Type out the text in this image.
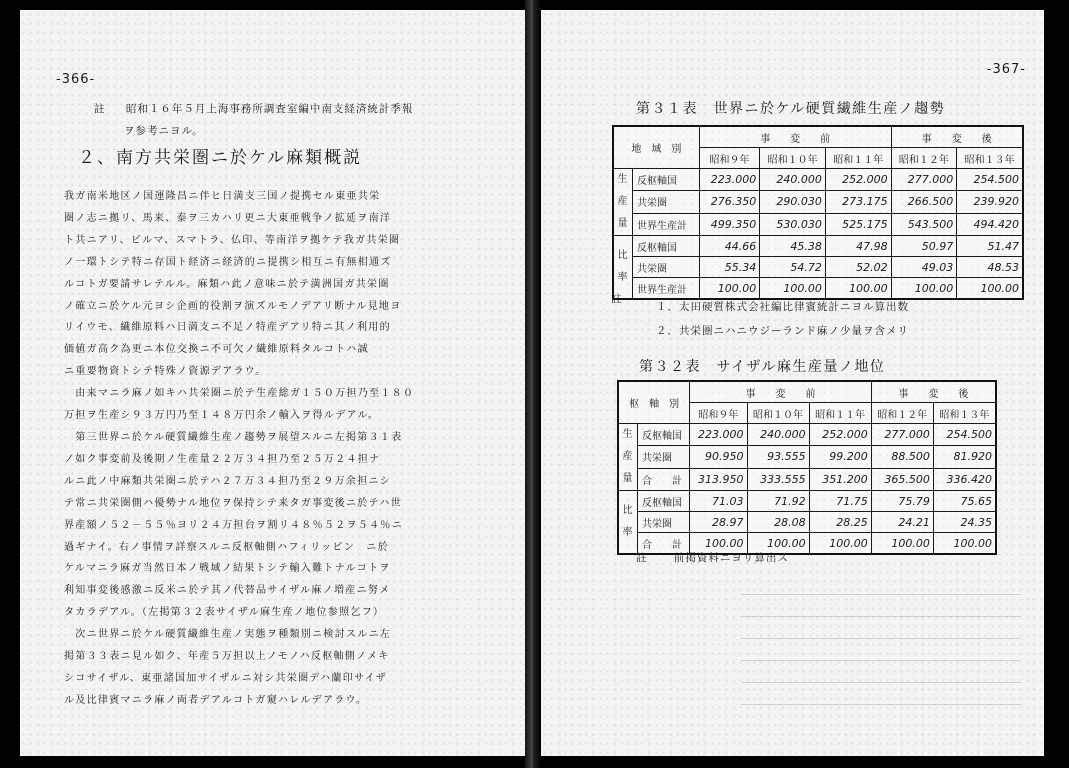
-366-
註 昭和１６年５月上海事務所調査室編中南支経済統計季報
ヲ参考ニヨル。
２、南方共栄圏ニ於ケル麻類概説
我ガ南米地区ノ国運隆昌ニ伴ヒ日満支三国ノ提携セル東亜共栄
圏ノ志ニ拠リ、馬来、泰ヲ三カハリ更ニ大東亜戦争ノ拡延ヲ南洋
ト共ニアリ、ビルマ、スマトラ、仏印、等南洋ヲ拠ケテ我ガ共栄圏
ノ一環トシテ特ニ存国ト経済ニ経済的ニ提携シ相互ニ有無相通ズ
ルコトガ要請サレテルル。麻類ハ此ノ意味ニ於テ満洲国ガ共栄圏
ノ確立ニ於ケル元ヨシ企画的役割ヲ演ズルモノデアリ断ナル見地ヨ
リイウモ、繊維原料ハ日満支ニ不足ノ特産デアリ特ニ其ノ利用的
価値ガ高ク為更ニ本位交換ニ不可欠ノ繊維原料タルコトハ誠
ニ重要物資トシテ特殊ノ資源デアラウ。
　由来マニラ麻ノ如キハ共栄圏ニ於テ生産総ガ１５０万担乃至１８０
万担ヲ生産シ９３万円乃至１４８万円余ノ輸入ヲ得ルデアル。
　第三世界ニ於ケル硬質繊維生産ノ趨勢ヲ展望スルニ左掲第３１表
ノ如ク事変前及後期ノ生産量２２万３４担乃至２５万２４担ナ
ルニ此ノ中麻類共栄圏ニ於テハ２７万３４担乃至２９万余担ニシ
テ常ニ共栄圏側ハ優勢ナル地位ヲ保持シテ来タガ事変後ニ於テハ世
界産額ノ５２－５５％ヨリ２４万担台ヲ割リ４８％５２ヲ５４％ニ
過ギナイ。右ノ事情ヲ詳察スルニ反枢軸側ハフィリッピン　ニ於
ケルマニラ麻ガ当然日本ノ戦域ノ結果トシテ輸入難トナルコトヲ
利知事変後感激ニ反米ニ於テ其ノ代替品サイザル麻ノ増産ニ努メ
タカラデアル。（左掲第３２表サイザル麻生産ノ地位参照乞フ）
　次ニ世界ニ於ケル硬質繊維生産ノ実態ヲ種類別ニ検討スルニ左
掲第３３表ニ見ル如ク、年産５万担以上ノモノハ反枢軸側ノメキ
シコサイザル、東亜諸国加サイザルニ対シ共栄圏デハ蘭印サイザ
ル及比律賓マニラ麻ノ両者デアルコトガ窺ハレルデアラウ。
-367-
第３１表　世界ニ於ケル硬質繊維生産ノ趨勢
地　域　別		事　　変　　前			事　　変　　後	
		昭和９年	昭和１０年	昭和１１年	昭和１２年	昭和１３年
生産量	反枢軸国	223.000	240.000	252.000	277.000	254.500
	共栄圏	276.350	290.030	273.175	266.500	239.920
	世界生産計	499.350	530.030	525.175	543.500	494.420
比率	反枢軸国	44.66	45.38	47.98	50.97	51.47
	共栄圏	55.34	54.72	52.02	49.03	48.53
	世界生産計	100.00	100.00	100.00	100.00	100.00
註
１．太田硬質株式会社編比律賓統計ニヨル算出数
２．共栄圏ニハニウジーランド麻ノ少量ヲ含メリ
第３２表　サイザル麻生産量ノ地位
枢　軸　別		事　　変　　前			事　　変　　後	
		昭和９年	昭和１０年	昭和１１年	昭和１２年	昭和１３年
生産量	反枢軸国	223.000	240.000	252.000	277.000	254.500
	共栄圏	90.950	93.555	99.200	88.500	81.920
	合　　計	313.950	333.555	351.200	365.500	336.420
比率	反枢軸国	71.03	71.92	71.75	75.79	75.65
	共栄圏	28.97	28.08	28.25	24.21	24.35
	合　　計	100.00	100.00	100.00	100.00	100.00
註	前掲資料ニヨリ算出ス
